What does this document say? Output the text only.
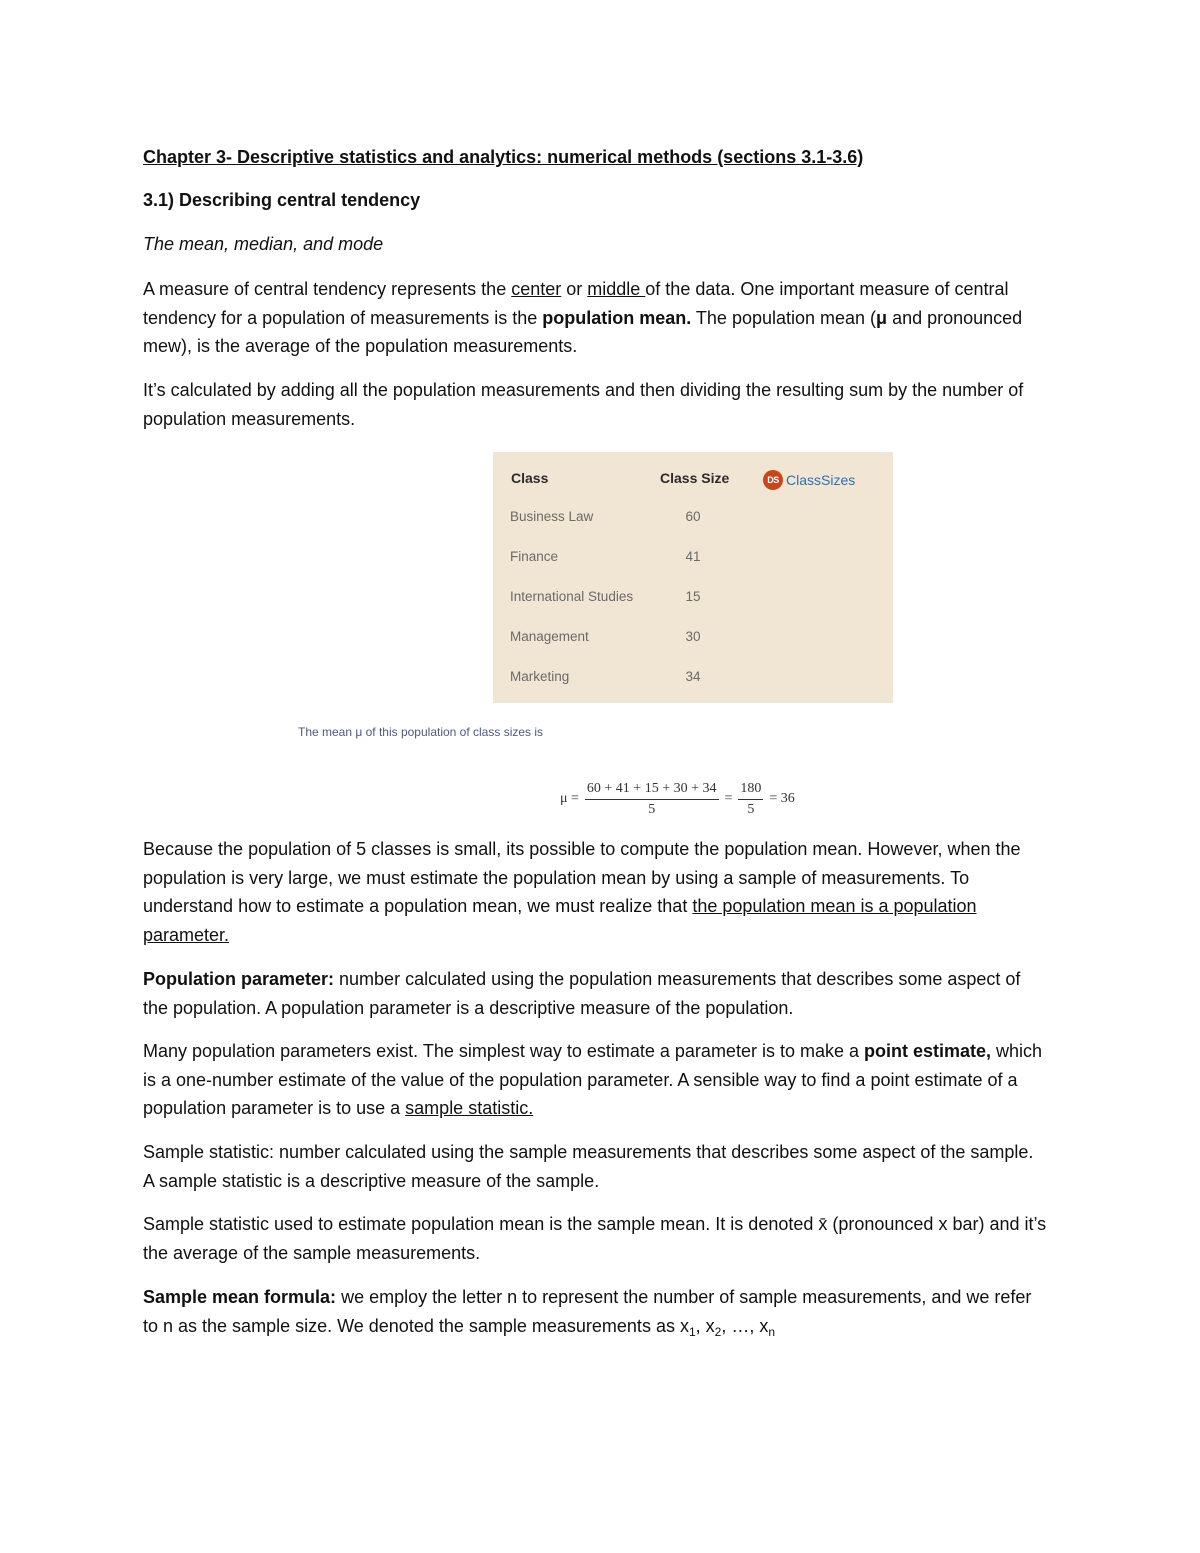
Chapter 3- Descriptive statistics and analytics: numerical methods (sections 3.1-3.6)

3.1) Describing central tendency

The mean, median, and mode

A measure of central tendency represents the center or middle of the data. One important measure of central tendency for a population of measurements is the population mean. The population mean (μ and pronounced mew), is the average of the population measurements.

It’s calculated by adding all the population measurements and then dividing the resulting sum by the number of population measurements.

Class	Class Size	DS ClassSizes
Business Law	60
Finance	41
International Studies	15
Management	30
Marketing	34
The mean μ of this population of class sizes is
$\mu = \frac{60 + 41 + 15 + 30 + 34}{5} = \frac{180}{5} = 36$

Because the population of 5 classes is small, its possible to compute the population mean. However, when the population is very large, we must estimate the population mean by using a sample of measurements. To understand how to estimate a population mean, we must realize that the population mean is a population parameter.

Population parameter: number calculated using the population measurements that describes some aspect of the population. A population parameter is a descriptive measure of the population.

Many population parameters exist. The simplest way to estimate a parameter is to make a point estimate, which is a one-number estimate of the value of the population parameter. A sensible way to find a point estimate of a population parameter is to use a sample statistic.

Sample statistic: number calculated using the sample measurements that describes some aspect of the sample. A sample statistic is a descriptive measure of the sample.

Sample statistic used to estimate population mean is the sample mean. It is denoted x̄ (pronounced x bar) and it’s the average of the sample measurements.

Sample mean formula: we employ the letter n to represent the number of sample measurements, and we refer to n as the sample size. We denoted the sample measurements as $x_1$, $x_2$, …, $x_n$
